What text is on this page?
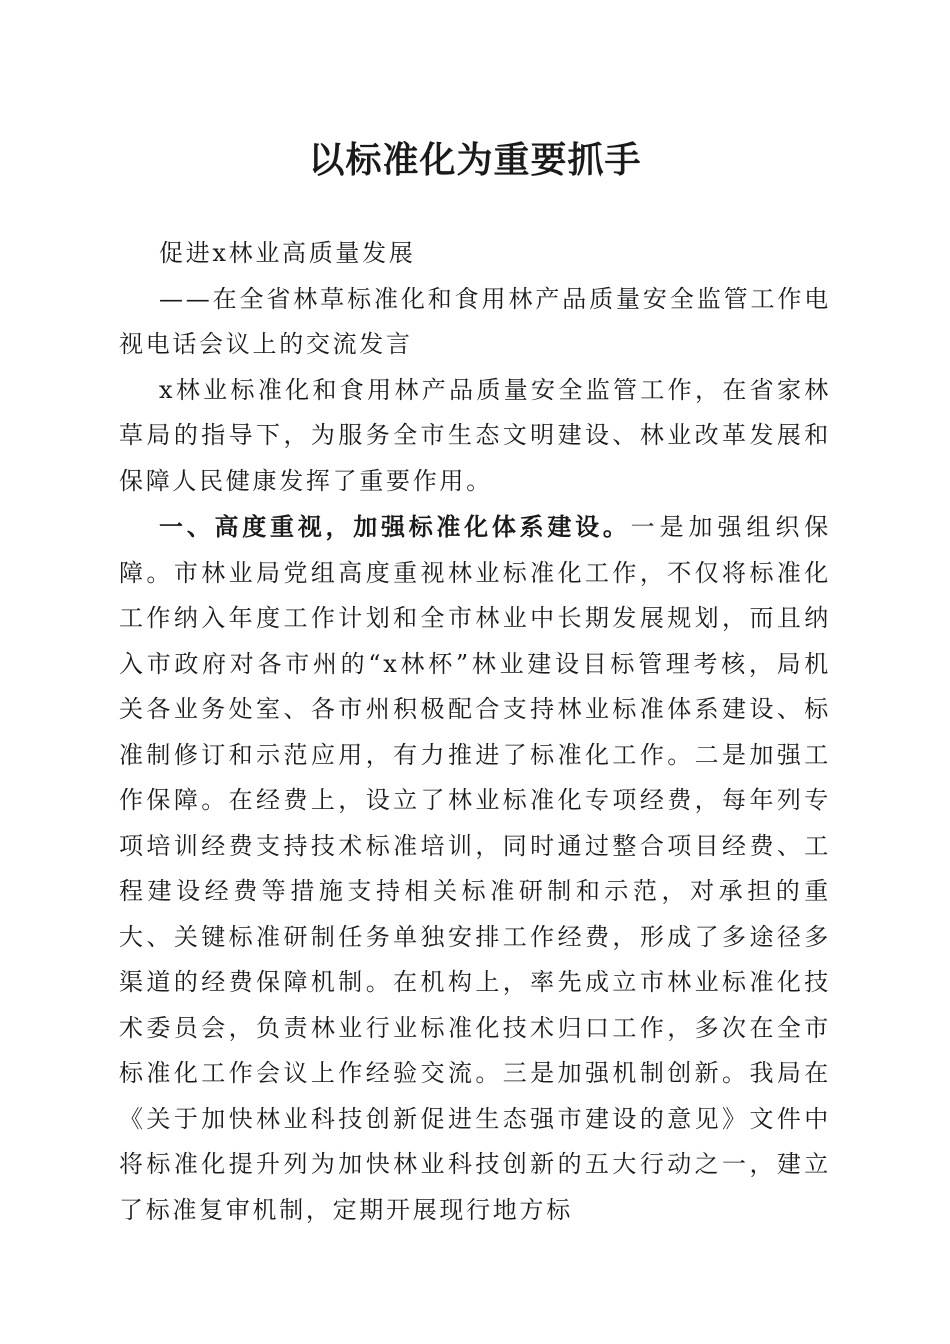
以标准化为重要抓手

促进x林业高质量发展

——在全省林草标准化和食用林产品质量安全监管工作电视电话会议上的交流发言

x林业标准化和食用林产品质量安全监管工作，在省家林草局的指导下，为服务全市生态文明建设、林业改革发展和保障人民健康发挥了重要作用。

一、高度重视，加强标准化体系建设。一是加强组织保障。市林业局党组高度重视林业标准化工作，不仅将标准化工作纳入年度工作计划和全市林业中长期发展规划，而且纳入市政府对各市州的“x林杯”林业建设目标管理考核，局机关各业务处室、各市州积极配合支持林业标准体系建设、标准制修订和示范应用，有力推进了标准化工作。二是加强工作保障。在经费上，设立了林业标准化专项经费，每年列专项培训经费支持技术标准培训，同时通过整合项目经费、工程建设经费等措施支持相关标准研制和示范，对承担的重大、关键标准研制任务单独安排工作经费，形成了多途径多渠道的经费保障机制。在机构上，率先成立市林业标准化技术委员会，负责林业行业标准化技术归口工作，多次在全市标准化工作会议上作经验交流。三是加强机制创新。我局在《关于加快林业科技创新促进生态强市建设的意见》文件中将标准化提升列为加快林业科技创新的五大行动之一，建立了标准复审机制，定期开展现行地方标
